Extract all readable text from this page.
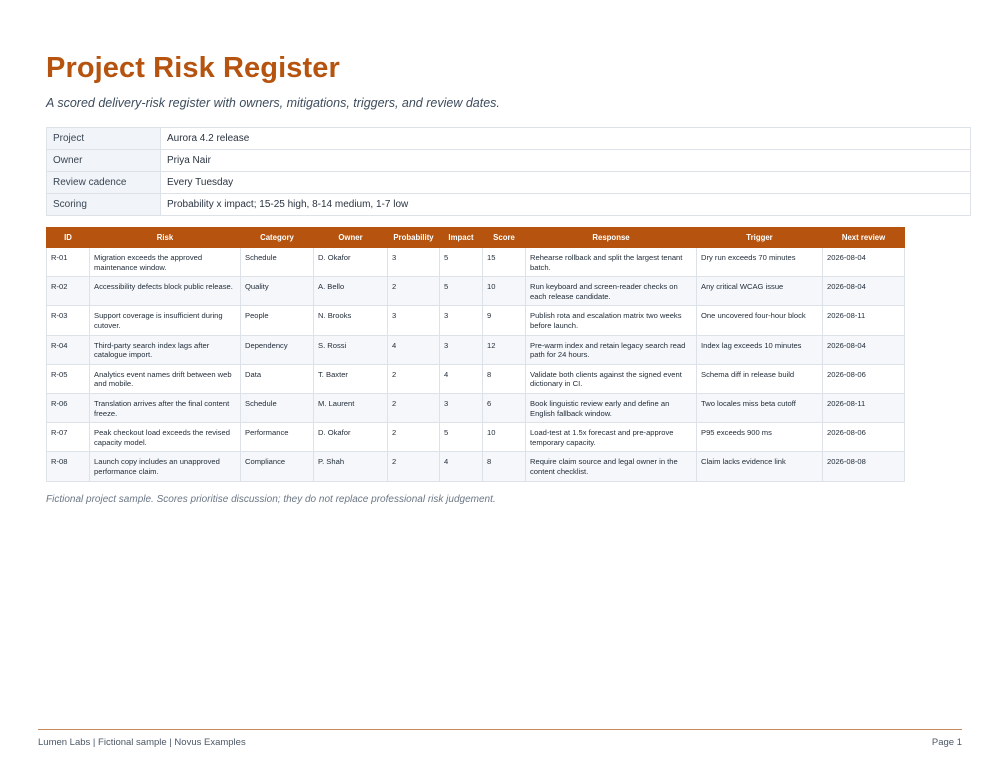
Project Risk Register

A scored delivery-risk register with owners, mitigations, triggers, and review dates.

Project	Aurora 4.2 release
Owner	Priya Nair
Review cadence	Every Tuesday
Scoring	Probability x impact; 15-25 high, 8-14 medium, 1-7 low
ID	Risk	Category	Owner	Probability	Impact	Score	Response	Trigger	Next review
R-01	Migration exceeds the approved maintenance window.	Schedule	D. Okafor	3	5	15	Rehearse rollback and split the largest tenant batch.	Dry run exceeds 70 minutes	2026-08-04
R-02	Accessibility defects block public release.	Quality	A. Bello	2	5	10	Run keyboard and screen-reader checks on each release candidate.	Any critical WCAG issue	2026-08-04
R-03	Support coverage is insufficient during cutover.	People	N. Brooks	3	3	9	Publish rota and escalation matrix two weeks before launch.	One uncovered four-hour block	2026-08-11
R-04	Third-party search index lags after catalogue import.	Dependency	S. Rossi	4	3	12	Pre-warm index and retain legacy search read path for 24 hours.	Index lag exceeds 10 minutes	2026-08-04
R-05	Analytics event names drift between web and mobile.	Data	T. Baxter	2	4	8	Validate both clients against the signed event dictionary in CI.	Schema diff in release build	2026-08-06
R-06	Translation arrives after the final content freeze.	Schedule	M. Laurent	2	3	6	Book linguistic review early and define an English fallback window.	Two locales miss beta cutoff	2026-08-11
R-07	Peak checkout load exceeds the revised capacity model.	Performance	D. Okafor	2	5	10	Load-test at 1.5x forecast and pre-approve temporary capacity.	P95 exceeds 900 ms	2026-08-06
R-08	Launch copy includes an unapproved performance claim.	Compliance	P. Shah	2	4	8	Require claim source and legal owner in the content checklist.	Claim lacks evidence link	2026-08-08

Fictional project sample. Scores prioritise discussion; they do not replace professional risk judgement.

Lumen Labs | Fictional sample | Novus Examples	Page 1
